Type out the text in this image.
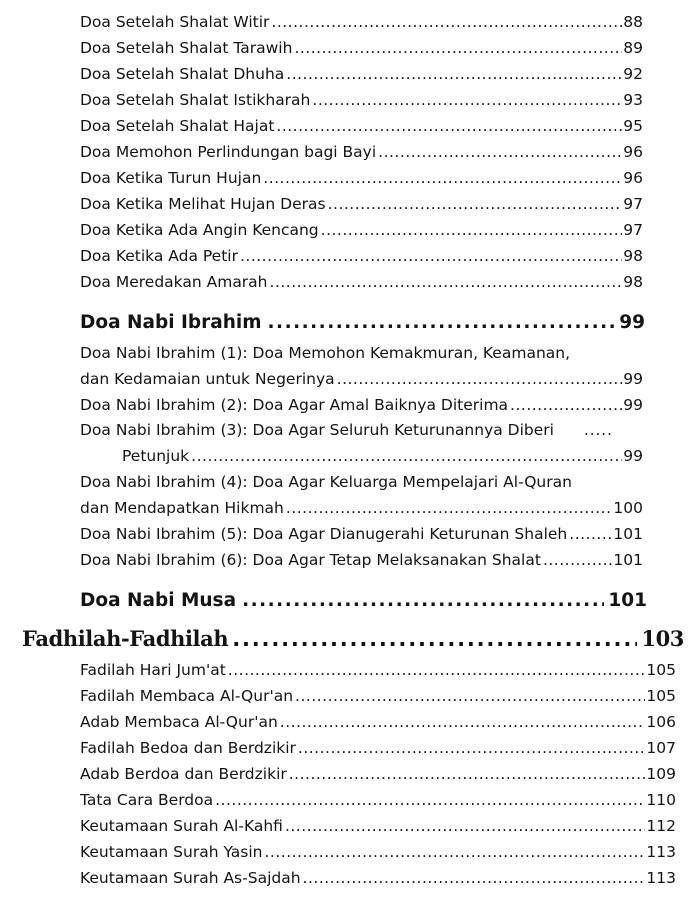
Doa Setelah Shalat Witir .....	88
Doa Setelah Shalat Tarawih .....	89
Doa Setelah Shalat Dhuha .....	92
Doa Setelah Shalat Istikharah .....	93
Doa Setelah Shalat Hajat .....	95
Doa Memohon Perlindungan bagi Bayi .....	96
Doa Ketika Turun Hujan .....	96
Doa Ketika Melihat Hujan Deras .....	97
Doa Ketika Ada Angin Kencang .....	97
Doa Ketika Ada Petir .....	98
Doa Meredakan Amarah .....	98
Doa Nabi Ibrahim .....	99
Doa Nabi Ibrahim (1): Doa Memohon Kemakmuran, Keamanan,
dan Kedamaian untuk Negerinya .....	99
Doa Nabi Ibrahim (2): Doa Agar Amal Baiknya Diterima .....	99
Doa Nabi Ibrahim (3): Doa Agar Seluruh Keturunannya Diberi .....
Petunjuk .....	99
Doa Nabi Ibrahim (4): Doa Agar Keluarga Mempelajari Al-Quran
dan Mendapatkan Hikmah .....	100
Doa Nabi Ibrahim (5): Doa Agar Dianugerahi Keturunan Shaleh .....	101
Doa Nabi Ibrahim (6): Doa Agar Tetap Melaksanakan Shalat .....	101
Doa Nabi Musa .....	101
Fadhilah-Fadhilah .....	103
Fadilah Hari Jum'at .....	105
Fadilah Membaca Al-Qur'an .....	105
Adab Membaca Al-Qur'an .....	106
Fadilah Bedoa dan Berdzikir .....	107
Adab Berdoa dan Berdzikir .....	109
Tata Cara Berdoa .....	110
Keutamaan Surah Al-Kahfi .....	112
Keutamaan Surah Yasin .....	113
Keutamaan Surah As-Sajdah .....	113
